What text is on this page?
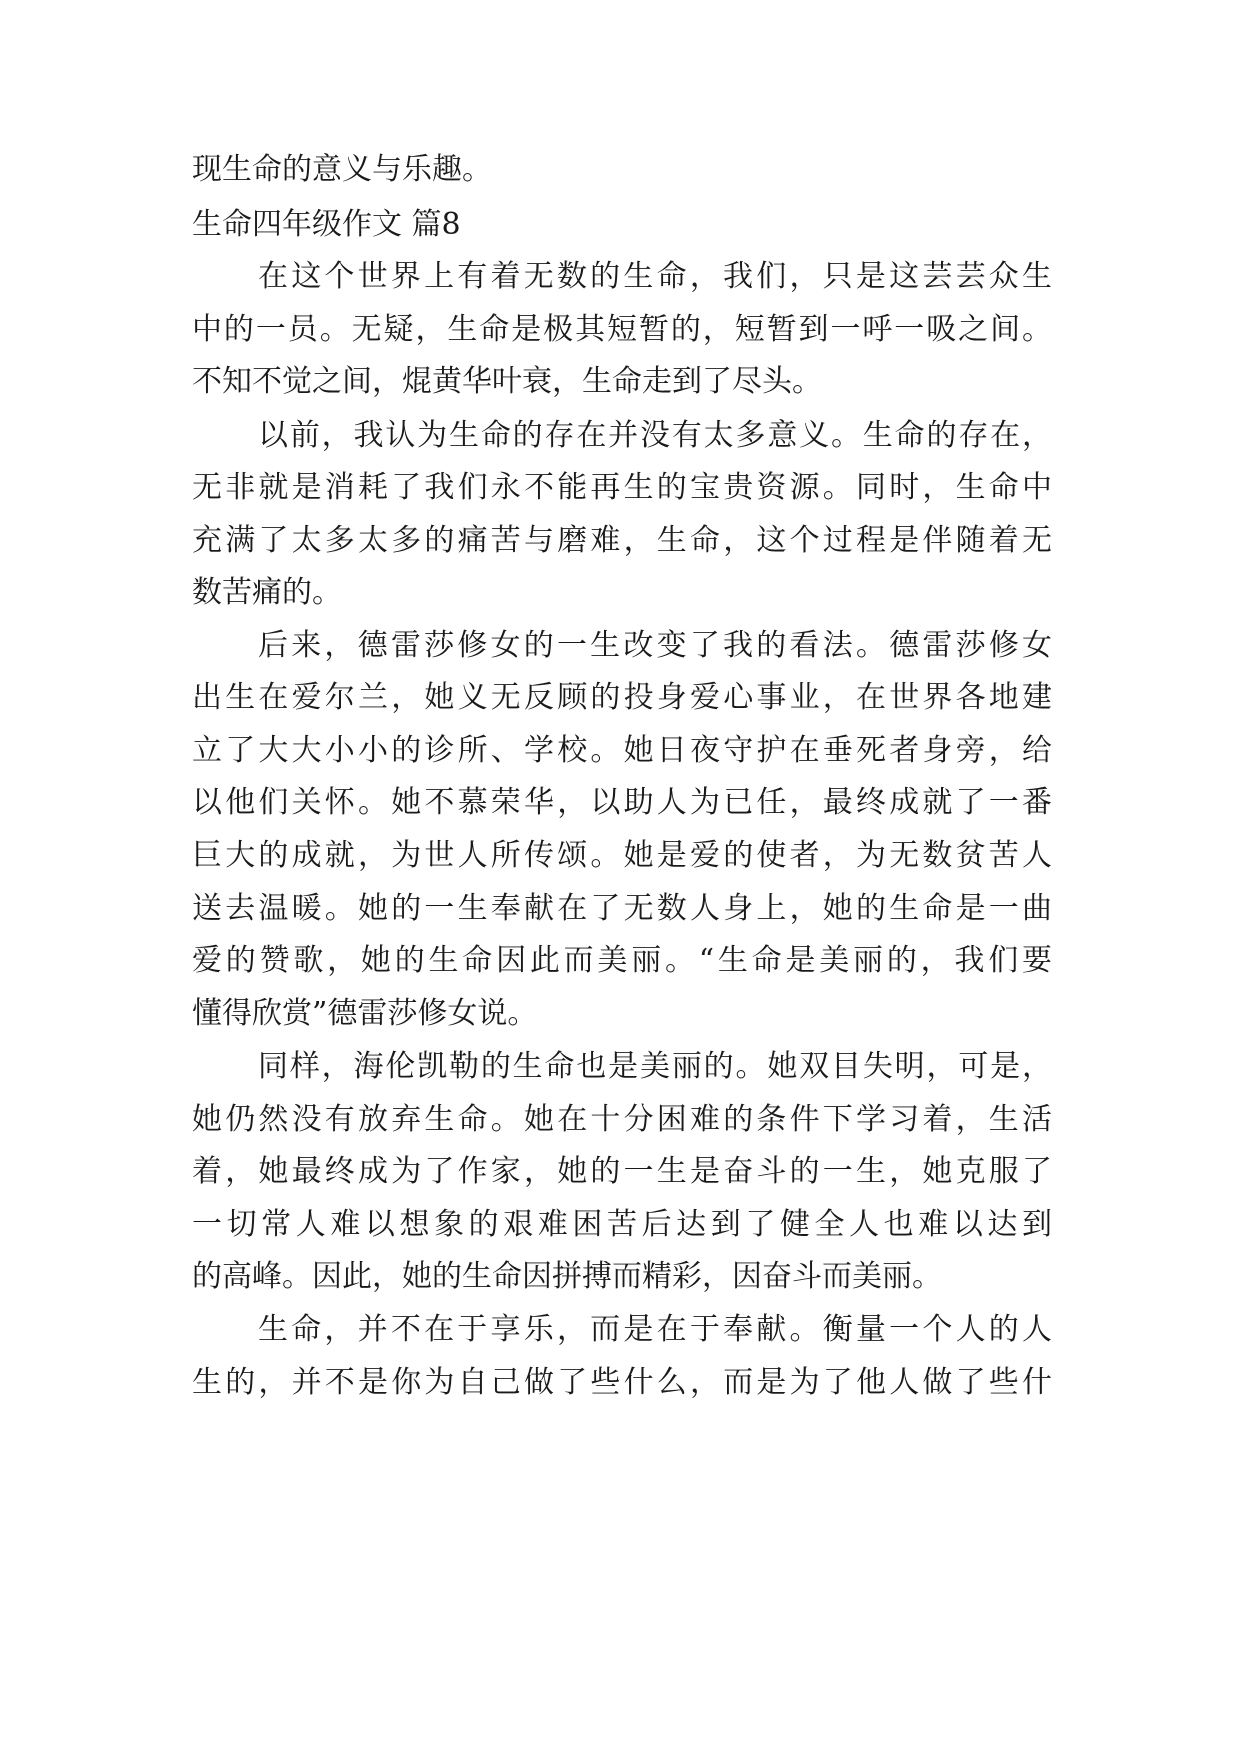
现生命的意义与乐趣。
生命四年级作文 篇8
在这个世界上有着无数的生命，我们，只是这芸芸众生
中的一员。无疑，生命是极其短暂的，短暂到一呼一吸之间。
不知不觉之间，焜黄华叶衰，生命走到了尽头。
以前，我认为生命的存在并没有太多意义。生命的存在，
无非就是消耗了我们永不能再生的宝贵资源。同时，生命中
充满了太多太多的痛苦与磨难，生命，这个过程是伴随着无
数苦痛的。
后来，德雷莎修女的一生改变了我的看法。德雷莎修女
出生在爱尔兰，她义无反顾的投身爱心事业，在世界各地建
立了大大小小的诊所、学校。她日夜守护在垂死者身旁，给
以他们关怀。她不慕荣华，以助人为已任，最终成就了一番
巨大的成就，为世人所传颂。她是爱的使者，为无数贫苦人
送去温暖。她的一生奉献在了无数人身上，她的生命是一曲
爱的赞歌，她的生命因此而美丽。“生命是美丽的，我们要
懂得欣赏”德雷莎修女说。
同样，海伦凯勒的生命也是美丽的。她双目失明，可是，
她仍然没有放弃生命。她在十分困难的条件下学习着，生活
着，她最终成为了作家，她的一生是奋斗的一生，她克服了
一切常人难以想象的艰难困苦后达到了健全人也难以达到
的高峰。因此，她的生命因拼搏而精彩，因奋斗而美丽。
生命，并不在于享乐，而是在于奉献。衡量一个人的人
生的，并不是你为自己做了些什么，而是为了他人做了些什
